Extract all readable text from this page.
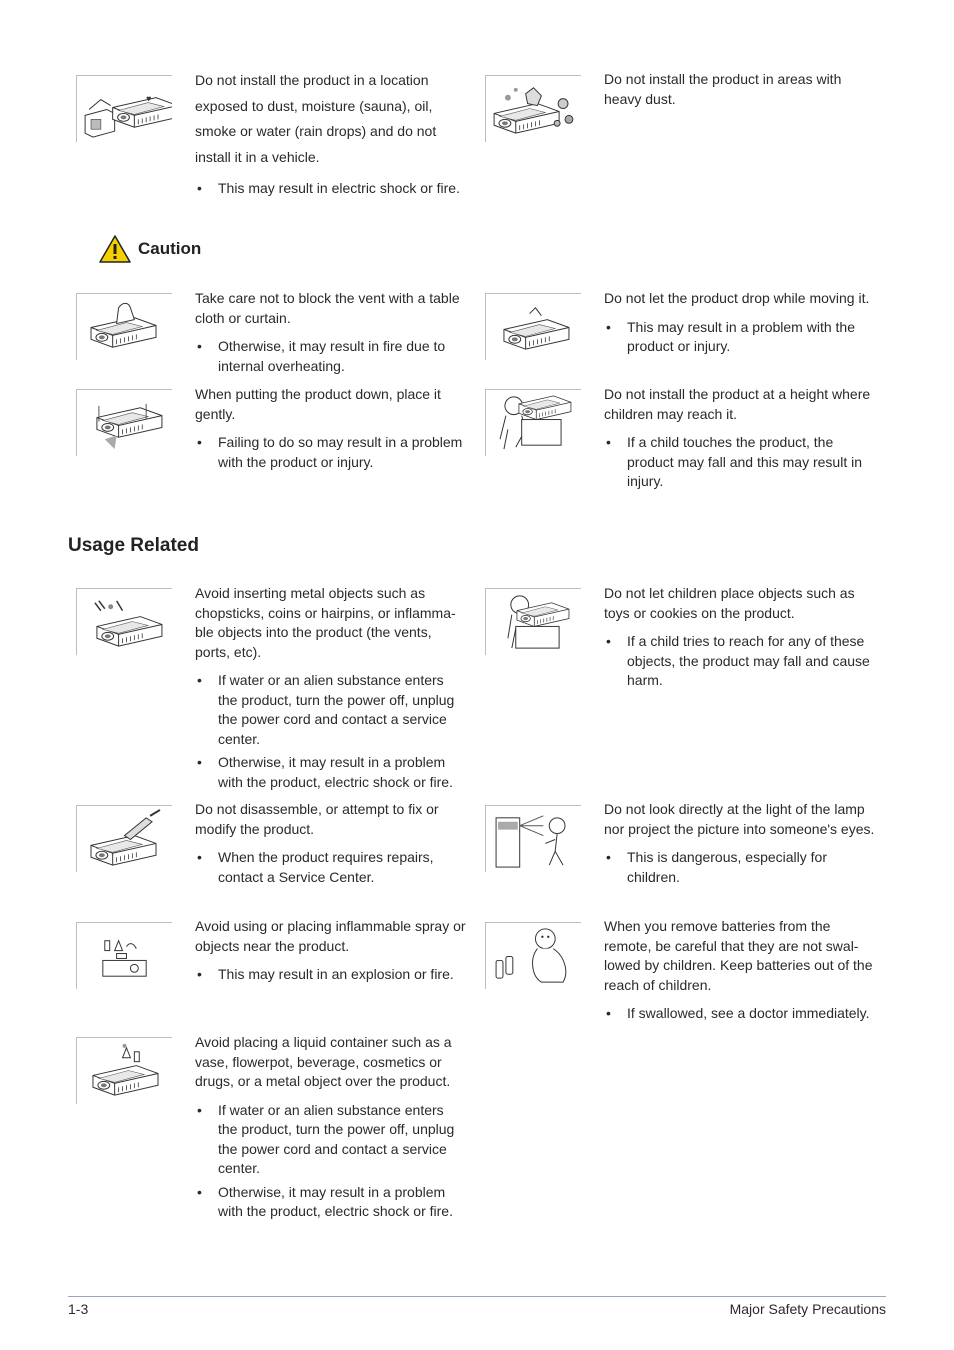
♥

Do not install the product in a location exposed to dust, moisture (sauna), oil, smoke or water (rain drops) and do not install it in a vehicle.

• This may result in electric shock or fire.

Do not install the product in areas with heavy dust.

Caution

Take care not to block the vent with a table cloth or curtain.

• Otherwise, it may result in fire due to internal overheating.

Do not let the product drop while moving it.

• This may result in a problem with the product or injury.

When putting the product down, place it gently.

• Failing to do so may result in a problem with the product or injury.

Do not install the product at a height where children may reach it.

• If a child touches the product, the product may fall and this may result in injury.
Usage Related

Avoid inserting metal objects such as chopsticks, coins or hairpins, or inflamma-ble objects into the product (the vents, ports, etc).

• If water or an alien substance enters the product, turn the power off, unplug the power cord and contact a service center.
• Otherwise, it may result in a problem with the product, electric shock or fire.

Do not let children place objects such as toys or cookies on the product.

• If a child tries to reach for any of these objects, the product may fall and cause harm.

Do not disassemble, or attempt to fix or modify the product.

• When the product requires repairs, contact a Service Center.

Do not look directly at the light of the lamp nor project the picture into someone's eyes.

• This is dangerous, especially for children.

Avoid using or placing inflammable spray or objects near the product.

• This may result in an explosion or fire.

When you remove batteries from the remote, be careful that they are not swal-lowed by children. Keep batteries out of the reach of children.

• If swallowed, see a doctor immediately.

Avoid placing a liquid container such as a vase, flowerpot, beverage, cosmetics or drugs, or a metal object over the product.

• If water or an alien substance enters the product, turn the power off, unplug the power cord and contact a service center.
• Otherwise, it may result in a problem with the product, electric shock or fire.
1-3	Major Safety Precautions
